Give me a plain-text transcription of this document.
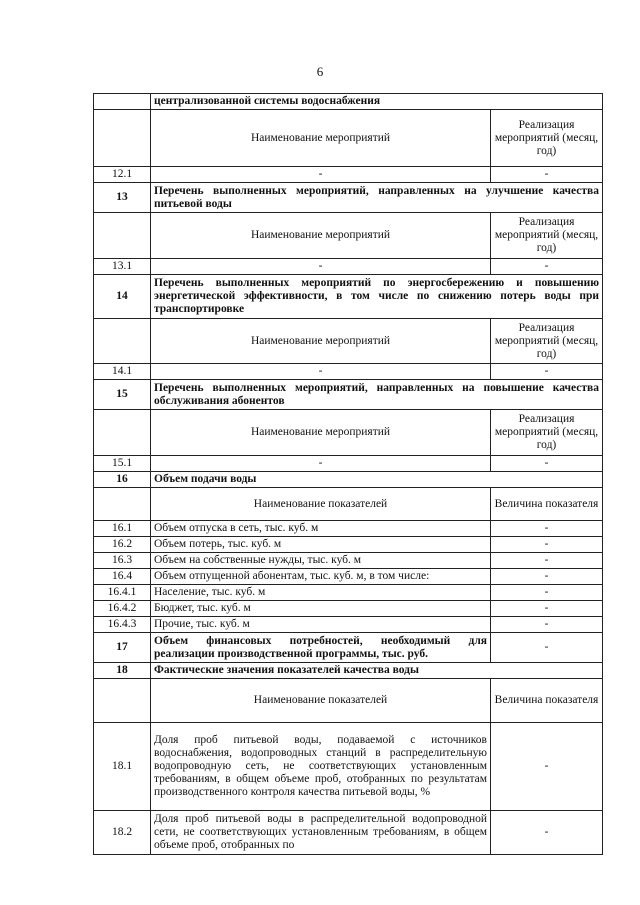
6
	централизованной системы водоснабжения	
	Наименование мероприятий	Реализация мероприятий (месяц, год)
12.1	-	-
13	Перечень выполненных мероприятий, направленных на улучшение качества питьевой воды	
	Наименование мероприятий	Реализация мероприятий (месяц, год)
13.1	-	-
14	Перечень выполненных мероприятий по энергосбережению и повышению энергетической эффективности, в том числе по снижению потерь воды при транспортировке	
	Наименование мероприятий	Реализация мероприятий (месяц, год)
14.1	-	-
15	Перечень выполненных мероприятий, направленных на повышение качества обслуживания абонентов	
	Наименование мероприятий	Реализация мероприятий (месяц, год)
15.1	-	-
16	Объем подачи воды	
	Наименование показателей	Величина показателя
16.1	Объем отпуска в сеть, тыс. куб. м	-
16.2	Объем потерь, тыс. куб. м	-
16.3	Объем на собственные нужды, тыс. куб. м	-
16.4	Объем отпущенной абонентам, тыс. куб. м, в том числе:	-
16.4.1	Население, тыс. куб. м	-
16.4.2	Бюджет, тыс. куб. м	-
16.4.3	Прочие, тыс. куб. м	-
17	Объем финансовых потребностей, необходимый для реализации производственной программы, тыс. руб.	-
18	Фактические значения показателей качества воды	
	Наименование показателей	Величина показателя
18.1	Доля проб питьевой воды, подаваемой с источников водоснабжения, водопроводных станций в распределительную водопроводную сеть, не соответствующих установленным требованиям, в общем объеме проб, отобранных по результатам производственного контроля качества питьевой воды, %	-
18.2	Доля проб питьевой воды в распределительной водопроводной сети, не соответствующих установленным требованиям, в общем объеме проб, отобранных по	-
